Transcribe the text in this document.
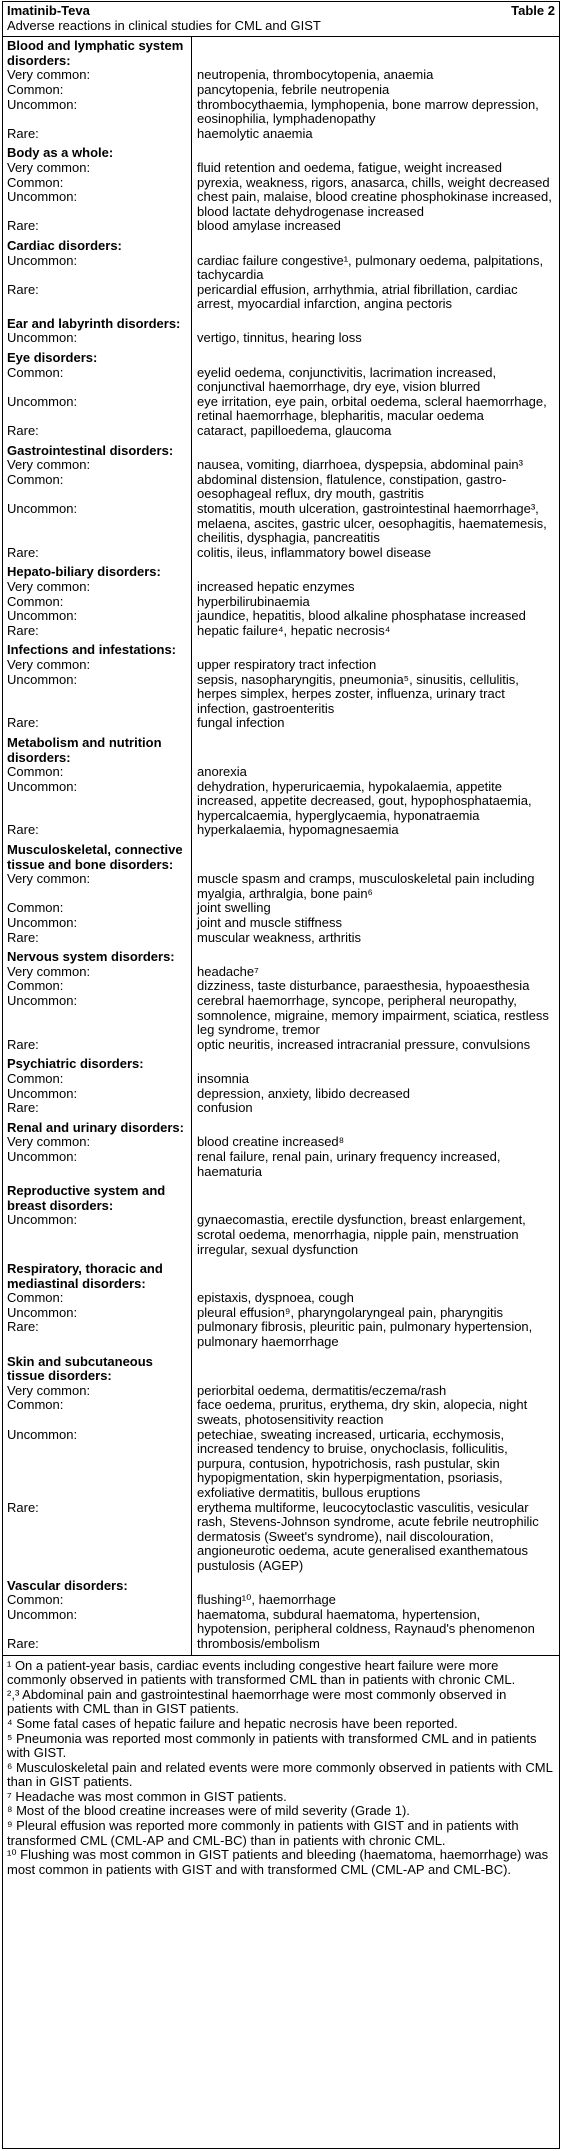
Imatinib-Teva	Table 2
Adverse reactions in clinical studies for CML and GIST
Blood and lymphatic system disorders:
Very common:	neutropenia, thrombocytopenia, anaemia
Common:	pancytopenia, febrile neutropenia
Uncommon:	thrombocythaemia, lymphopenia, bone marrow depression, eosinophilia, lymphadenopathy
Rare:	haemolytic anaemia
Body as a whole:
Very common:	fluid retention and oedema, fatigue, weight increased
Common:	pyrexia, weakness, rigors, anasarca, chills, weight decreased
Uncommon:	chest pain, malaise, blood creatine phosphokinase increased, blood lactate dehydrogenase increased
Rare:	blood amylase increased
Cardiac disorders:
Uncommon:	cardiac failure congestive¹, pulmonary oedema, palpitations, tachycardia
Rare:	pericardial effusion, arrhythmia, atrial fibrillation, cardiac arrest, myocardial infarction, angina pectoris
Ear and labyrinth disorders:
Uncommon:	vertigo, tinnitus, hearing loss
Eye disorders:
Common:	eyelid oedema, conjunctivitis, lacrimation increased, conjunctival haemorrhage, dry eye, vision blurred
Uncommon:	eye irritation, eye pain, orbital oedema, scleral haemorrhage, retinal haemorrhage, blepharitis, macular oedema
Rare:	cataract, papilloedema, glaucoma
Gastrointestinal disorders:
Very common:	nausea, vomiting, diarrhoea, dyspepsia, abdominal pain³
Common:	abdominal distension, flatulence, constipation, gastro-oesophageal reflux, dry mouth, gastritis
Uncommon:	stomatitis, mouth ulceration, gastrointestinal haemorrhage³, melaena, ascites, gastric ulcer, oesophagitis, haematemesis, cheilitis, dysphagia, pancreatitis
Rare:	colitis, ileus, inflammatory bowel disease
Hepato-biliary disorders:
Very common:	increased hepatic enzymes
Common:	hyperbilirubinaemia
Uncommon:	jaundice, hepatitis, blood alkaline phosphatase increased
Rare:	hepatic failure⁴, hepatic necrosis⁴
Infections and infestations:
Very common:	upper respiratory tract infection
Uncommon:	sepsis, nasopharyngitis, pneumonia⁵, sinusitis, cellulitis, herpes simplex, herpes zoster, influenza, urinary tract infection, gastroenteritis
Rare:	fungal infection
Metabolism and nutrition disorders:
Common:	anorexia
Uncommon:	dehydration, hyperuricaemia, hypokalaemia, appetite increased, appetite decreased, gout, hypophosphataemia, hypercalcaemia, hyperglycaemia, hyponatraemia
Rare:	hyperkalaemia, hypomagnesaemia
Musculoskeletal, connective tissue and bone disorders:
Very common:	muscle spasm and cramps, musculoskeletal pain including myalgia, arthralgia, bone pain⁶
Common:	joint swelling
Uncommon:	joint and muscle stiffness
Rare:	muscular weakness, arthritis
Nervous system disorders:
Very common:	headache⁷
Common:	dizziness, taste disturbance, paraesthesia, hypoaesthesia
Uncommon:	cerebral haemorrhage, syncope, peripheral neuropathy, somnolence, migraine, memory impairment, sciatica, restless leg syndrome, tremor
Rare:	optic neuritis, increased intracranial pressure, convulsions
Psychiatric disorders:
Common:	insomnia
Uncommon:	depression, anxiety, libido decreased
Rare:	confusion
Renal and urinary disorders:
Very common:	blood creatine increased⁸
Uncommon:	renal failure, renal pain, urinary frequency increased, haematuria
Reproductive system and breast disorders:
Uncommon:	gynaecomastia, erectile dysfunction, breast enlargement, scrotal oedema, menorrhagia, nipple pain, menstruation irregular, sexual dysfunction
Respiratory, thoracic and mediastinal disorders:
Common:	epistaxis, dyspnoea, cough
Uncommon:	pleural effusion⁹, pharyngolaryngeal pain, pharyngitis
Rare:	pulmonary fibrosis, pleuritic pain, pulmonary hypertension, pulmonary haemorrhage
Skin and subcutaneous tissue disorders:
Very common:	periorbital oedema, dermatitis/eczema/rash
Common:	face oedema, pruritus, erythema, dry skin, alopecia, night sweats, photosensitivity reaction
Uncommon:	petechiae, sweating increased, urticaria, ecchymosis, increased tendency to bruise, onychoclasis, folliculitis, purpura, contusion, hypotrichosis, rash pustular, skin hypopigmentation, skin hyperpigmentation, psoriasis, exfoliative dermatitis, bullous eruptions
Rare:	erythema multiforme, leucocytoclastic vasculitis, vesicular rash, Stevens-Johnson syndrome, acute febrile neutrophilic dermatosis (Sweet's syndrome), nail discolouration, angioneurotic oedema, acute generalised exanthematous pustulosis (AGEP)
Vascular disorders:
Common:	flushing¹⁰, haemorrhage
Uncommon:	haematoma, subdural haematoma, hypertension, hypotension, peripheral coldness, Raynaud's phenomenon
Rare:	thrombosis/embolism
¹ On a patient-year basis, cardiac events including congestive heart failure were more commonly observed in patients with transformed CML than in patients with chronic CML.
²,³ Abdominal pain and gastrointestinal haemorrhage were most commonly observed in patients with CML than in GIST patients.
⁴ Some fatal cases of hepatic failure and hepatic necrosis have been reported.
⁵ Pneumonia was reported most commonly in patients with transformed CML and in patients with GIST.
⁶ Musculoskeletal pain and related events were more commonly observed in patients with CML than in GIST patients.
⁷ Headache was most common in GIST patients.
⁸ Most of the blood creatine increases were of mild severity (Grade 1).
⁹ Pleural effusion was reported more commonly in patients with GIST and in patients with transformed CML (CML-AP and CML-BC) than in patients with chronic CML.
¹⁰ Flushing was most common in GIST patients and bleeding (haematoma, haemorrhage) was most common in patients with GIST and with transformed CML (CML-AP and CML-BC).
